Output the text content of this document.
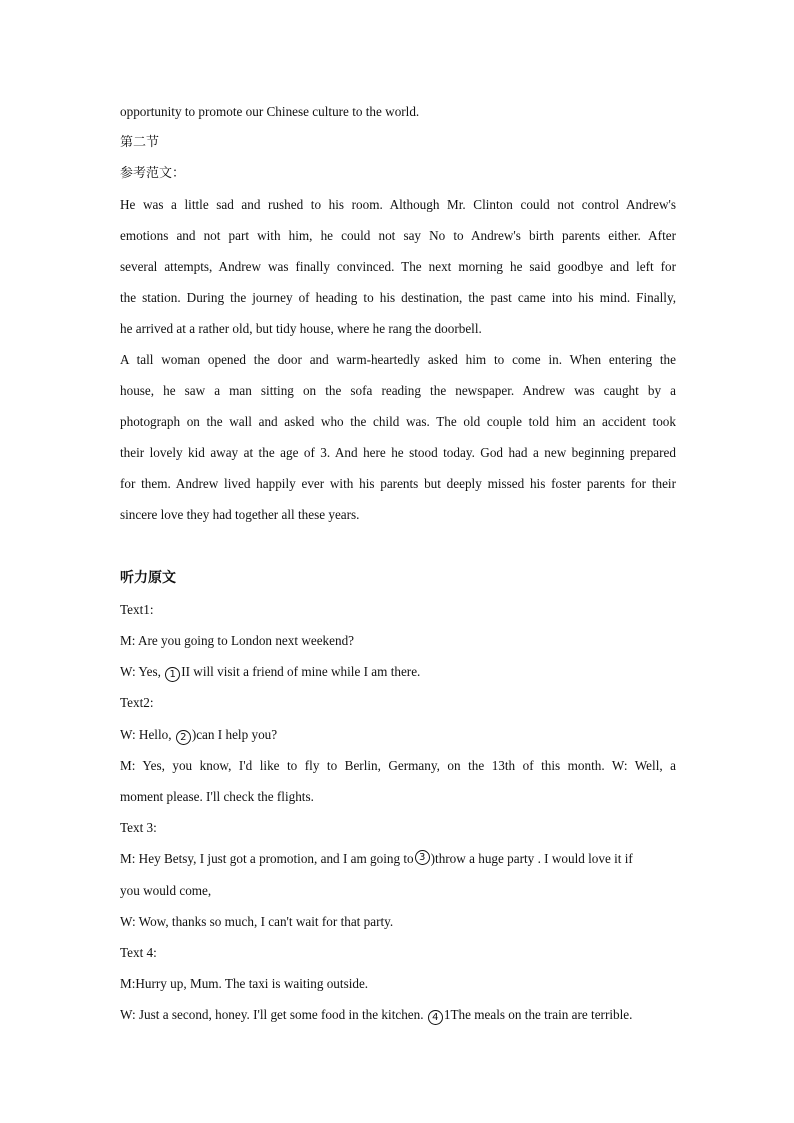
opportunity to promote our Chinese culture to the world.
第二节
参考范文：
He was a little sad and rushed to his room. Although Mr. Clinton could not control Andrew's
emotions and not part with him, he could not say No to Andrew's birth parents either. After
several attempts, Andrew was finally convinced. The next morning he said goodbye and left for
the station. During the journey of heading to his destination, the past came into his mind. Finally,
he arrived at a rather old, but tidy house, where he rang the doorbell.
A tall woman opened the door and warm-heartedly asked him to come in. When entering the
house, he saw a man sitting on the sofa reading the newspaper. Andrew was caught by a
photograph on the wall and asked who the child was. The old couple told him an accident took
their lovely kid away at the age of 3. And here he stood today. God had a new beginning prepared
for them. Andrew lived happily ever with his parents but deeply missed his foster parents for their
sincere love they had together all these years.
听力原文
Text1:
M: Are you going to London next weekend?
W: Yes, 1 II will visit a friend of mine while I am there.
Text2:
W: Hello, 2 )can I help you?
M: Yes, you know, I'd like to fly to Berlin, Germany, on the 13th of this month. W: Well, a
moment please. I'll check the flights.
Text 3:
M: Hey Betsy, I just got a promotion, and I am going to 3 )throw a huge party . I would love it if
you would come,
W: Wow, thanks so much, I can't wait for that party.
Text 4:
M:Hurry up, Mum. The taxi is waiting outside.
W: Just a second, honey. I'll get some food in the kitchen. 4 1The meals on the train are terrible.
